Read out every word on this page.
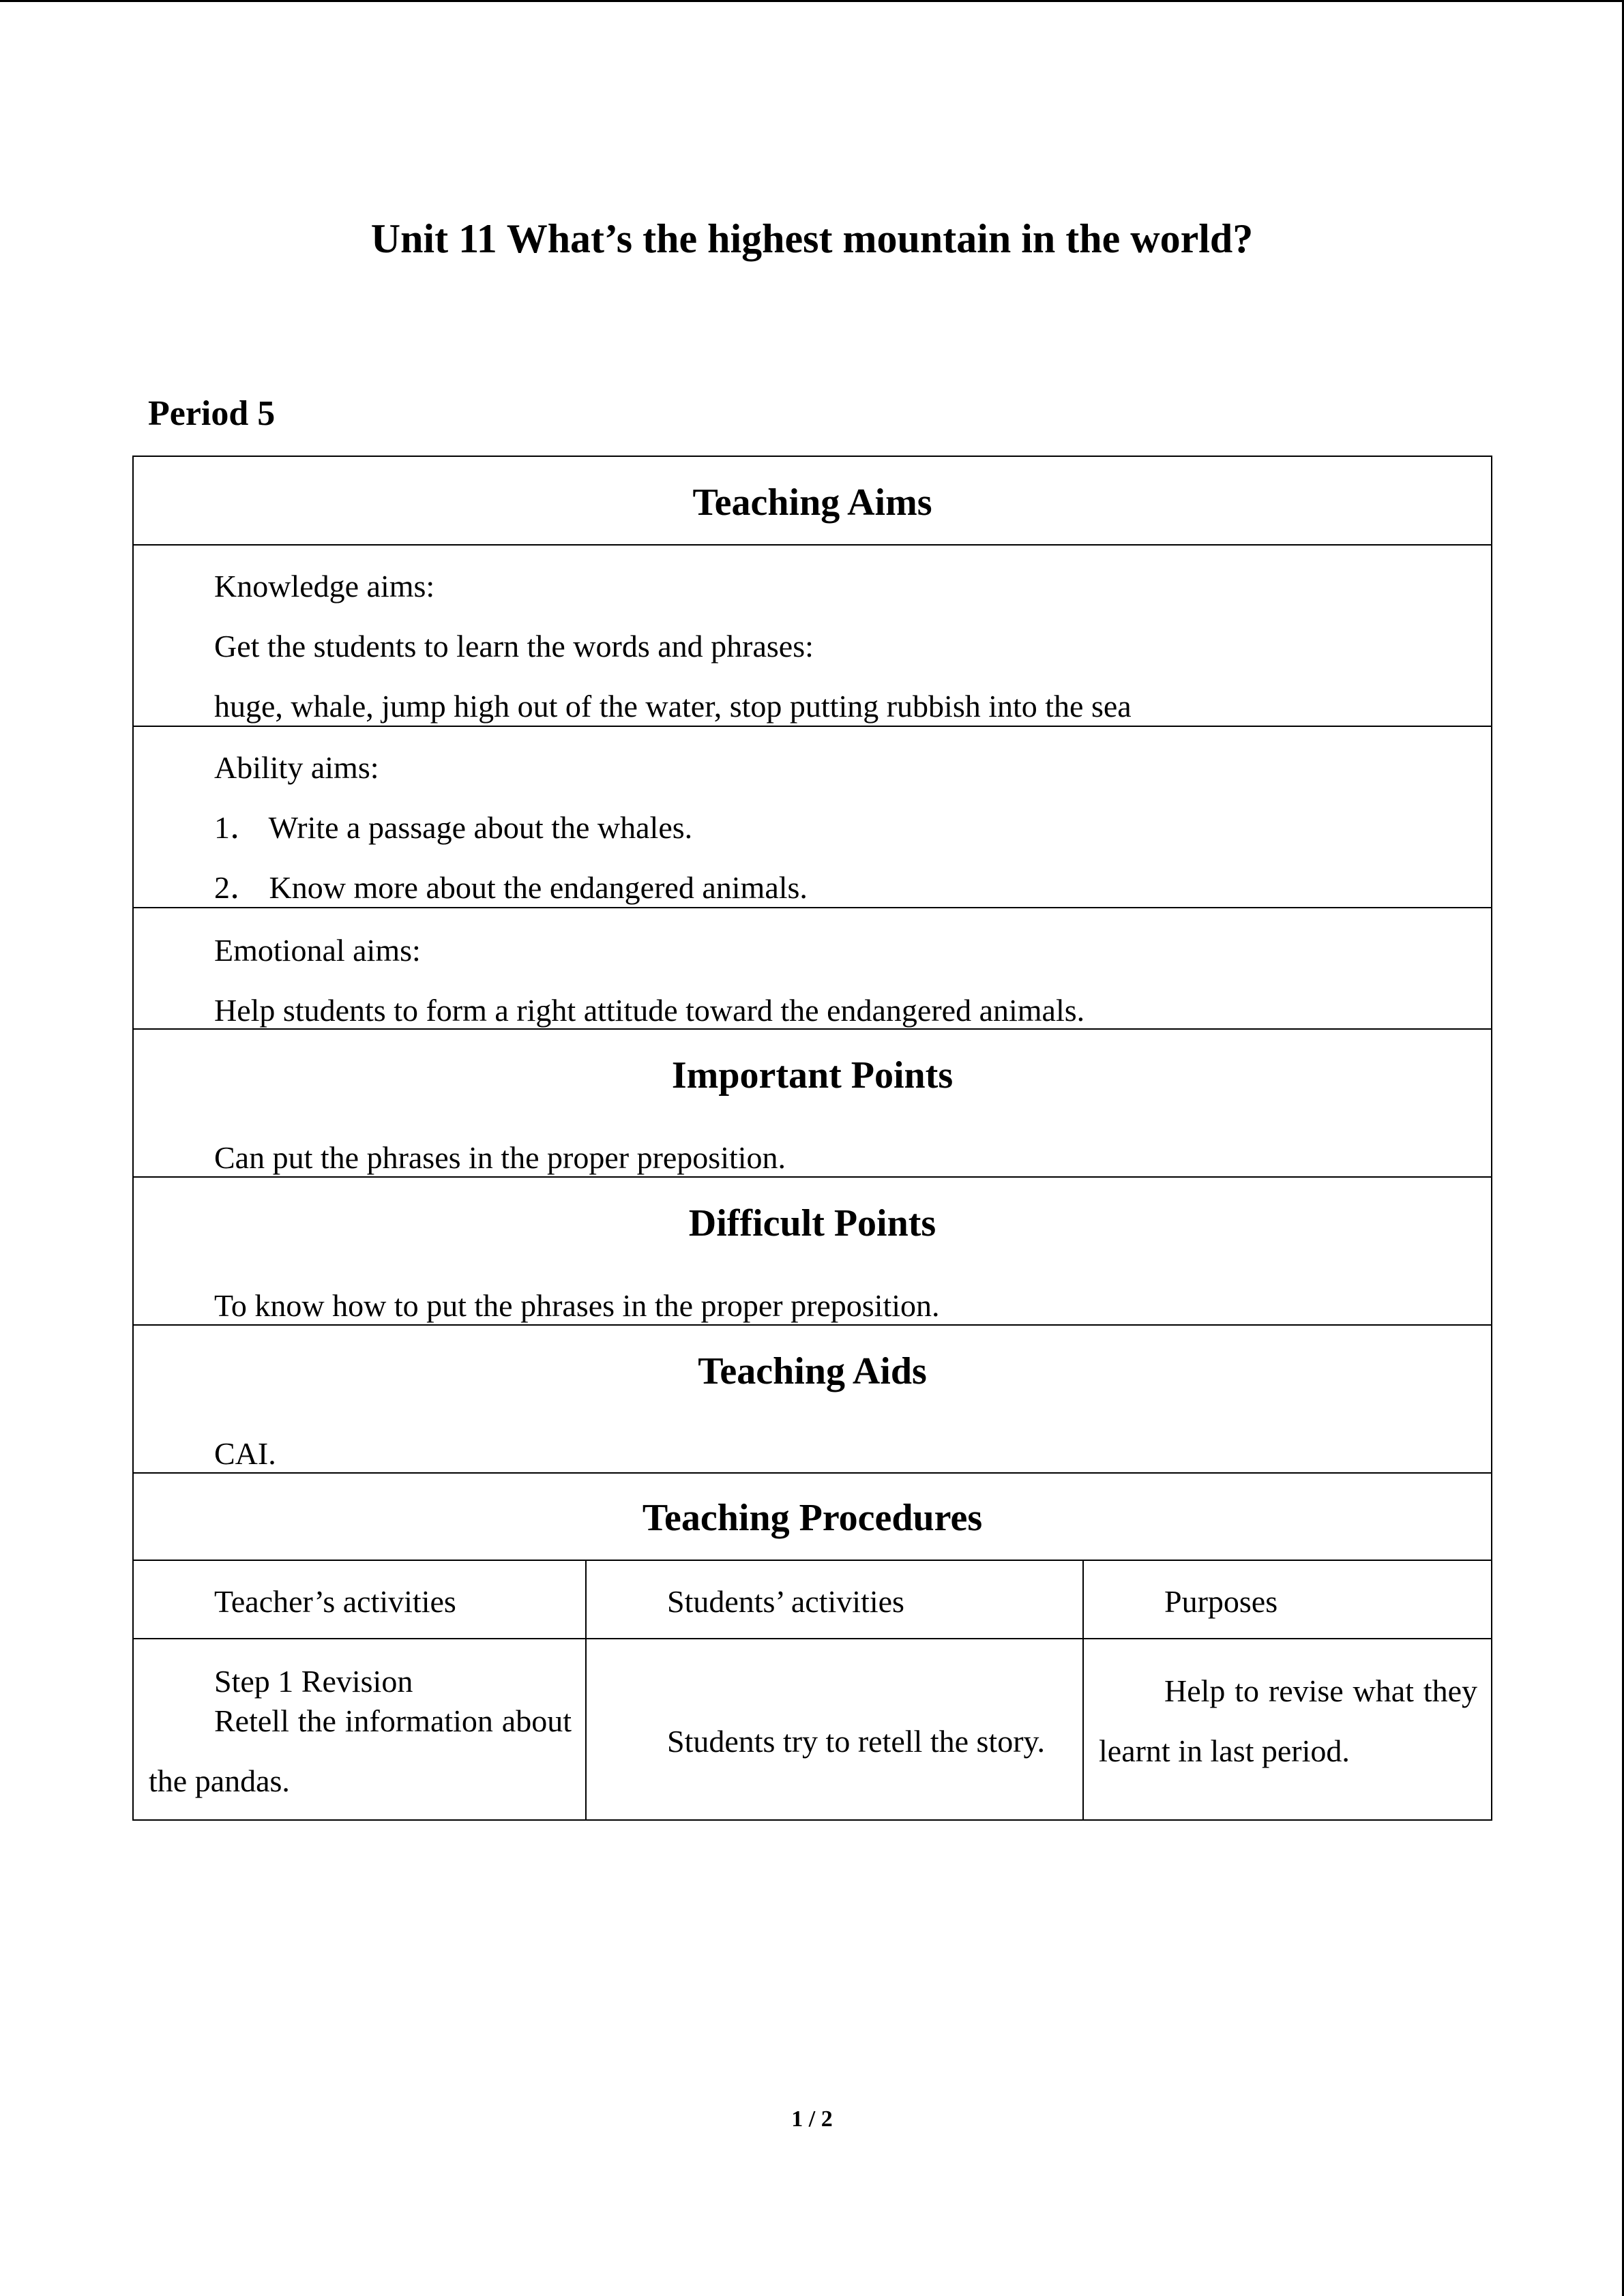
Unit 11 What’s the highest mountain in the world?
Period 5
Teaching Aims
Knowledge aims:
Get the students to learn the words and phrases:
huge, whale, jump high out of the water, stop putting rubbish into the sea
Ability aims:
1． Write a passage about the whales.
2． Know more about the endangered animals.
Emotional aims:
Help students to form a right attitude toward the endangered animals.
Important Points
Can put the phrases in the proper preposition.
Difficult Points
To know how to put the phrases in the proper preposition.
Teaching Aids
CAI.
Teaching Procedures
Teacher’s activities	Students’ activities	Purposes
Step 1 Revision
Retell the information about the pandas.
Students try to retell the story.
Help to revise what they learnt in last period.
1 / 2
